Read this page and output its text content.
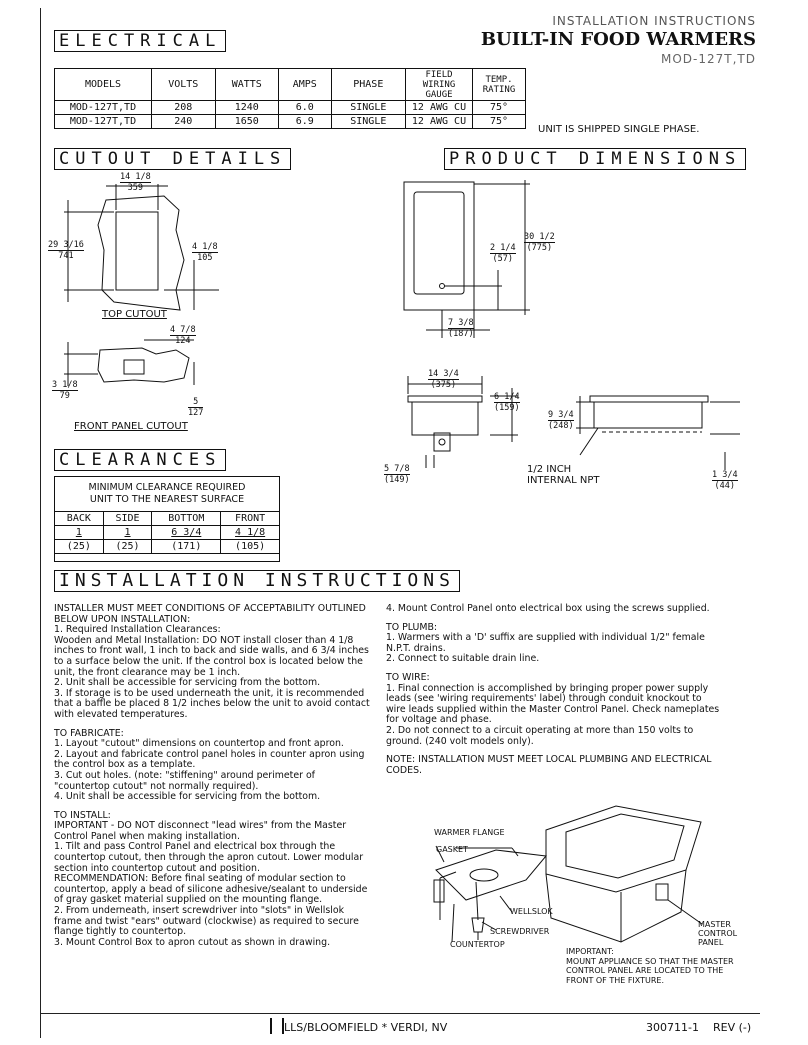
ELECTRICAL
INSTALLATION INSTRUCTIONS
BUILT-IN FOOD WARMERS
MOD-127T,TD
MODELS	VOLTS	WATTS	AMPS	PHASE	FIELD WIRING GAUGE	TEMP. RATING
MOD-127T,TD	208	1240	6.0	SINGLE	12 AWG CU	75°
MOD-127T,TD	240	1650	6.9	SINGLE	12 AWG CU	75°
UNIT IS SHIPPED SINGLE PHASE.
CUTOUT DETAILS
14 1/8
359
29 3/16
741
4 1/8
105
TOP CUTOUT
4 7/8
124
3 1/8
79
5
127
FRONT PANEL CUTOUT
PRODUCT DIMENSIONS
30 1/2
(775)
2 1/4
(57)
7 3/8
(187)
14 3/4
(375)
6 1/4
(159)
9 3/4
(248)
5 7/8
(149)
1/2 INCH
INTERNAL NPT	1 3/4
(44)
CLEARANCES
MINIMUM CLEARANCE REQUIRED
UNIT TO THE NEAREST SURFACE
BACK	SIDE	BOTTOM	FRONT
1	1	6 3/4	4 1/8
(25)	(25)	(171)	(105)
INSTALLATION INSTRUCTIONS

INSTALLER MUST MEET CONDITIONS OF ACCEPTABILITY OUTLINED BELOW UPON INSTALLATION:

1. Required Installation Clearances:

Wooden and Metal Installation: DO NOT install closer than 4 1/8 inches to front wall, 1 inch to back and side walls, and 6 3/4 inches to a surface below the unit. If the control box is located below the unit, the front clearance may be 1 inch.

2. Unit shall be accessible for servicing from the bottom.

3. If storage is to be used underneath the unit, it is recommended that a baffle be placed 8 1/2 inches below the unit to avoid contact with elevated temperatures.

TO FABRICATE:

1. Layout "cutout" dimensions on countertop and front apron.

2. Layout and fabricate control panel holes in counter apron using the control box as a template.

3. Cut out holes. (note: "stiffening" around perimeter of "countertop cutout" not normally required).

4. Unit shall be accessible for servicing from the bottom.

TO INSTALL:

IMPORTANT - DO NOT disconnect "lead wires" from the Master Control Panel when making installation.

1. Tilt and pass Control Panel and electrical box through the countertop cutout, then through the apron cutout. Lower modular section into countertop cutout and position.

RECOMMENDATION: Before final seating of modular section to countertop, apply a bead of silicone adhesive/sealant to underside of gray gasket material supplied on the mounting flange.

2. From underneath, insert screwdriver into "slots" in Wellslok frame and twist "ears" outward (clockwise) as required to secure flange tightly to countertop.

3. Mount Control Box to apron cutout as shown in drawing.

4. Mount Control Panel onto electrical box using the screws supplied.

TO PLUMB:

1. Warmers with a 'D' suffix are supplied with individual 1/2" female N.P.T. drains.

2. Connect to suitable drain line.

TO WIRE:

1. Final connection is accomplished by bringing proper power supply leads (see 'wiring requirements' label) through conduit knockout to wire leads supplied within the Master Control Panel. Check nameplates for voltage and phase.

2. Do not connect to a circuit operating at more than 150 volts to ground. (240 volt models only).

NOTE: INSTALLATION MUST MEET LOCAL PLUMBING AND ELECTRICAL CODES.

WARMER FLANGE
GASKET
WELLSLOK
SCREWDRIVER
COUNTERTOP
MASTER
CONTROL
PANEL
IMPORTANT:
MOUNT APPLIANCE SO THAT THE MASTER
CONTROL PANEL ARE LOCATED TO THE
FRONT OF THE FIXTURE.
LLS/BLOOMFIELD * VERDI, NV	300711-1 REV (-)
